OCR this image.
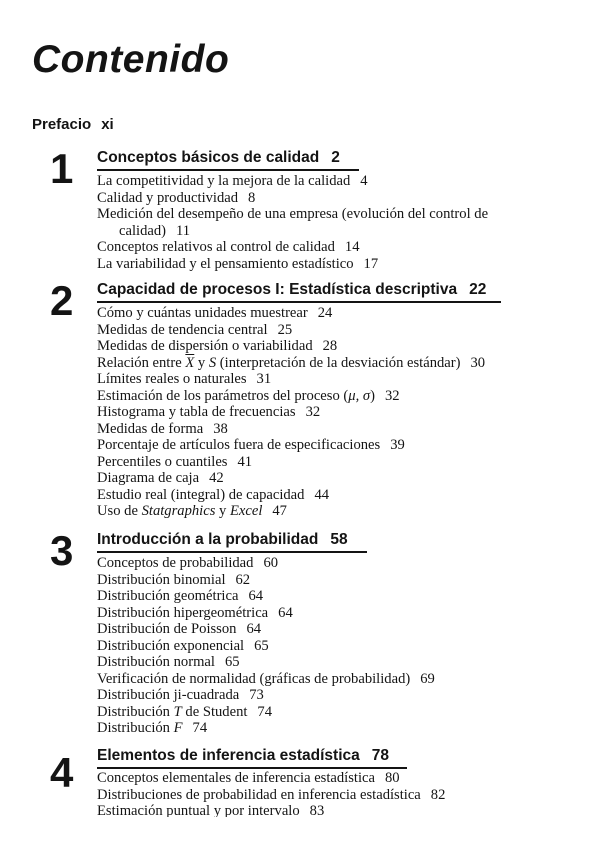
Contenido
Prefacio xi
1 Conceptos básicos de calidad 2
La competitividad y la mejora de la calidad 4
Calidad y productividad 8
Medición del desempeño de una empresa (evolución del control de
calidad) 11
Conceptos relativos al control de calidad 14
La variabilidad y el pensamiento estadístico 17
2 Capacidad de procesos I: Estadística descriptiva 22
Cómo y cuántas unidades muestrear 24
Medidas de tendencia central 25
Medidas de dispersión o variabilidad 28
Relación entre $\overline{X}$ y S (interpretación de la desviación estándar) 30
Límites reales o naturales 31
Estimación de los parámetros del proceso (μ, σ) 32
Histograma y tabla de frecuencias 32
Medidas de forma 38
Porcentaje de artículos fuera de especificaciones 39
Percentiles o cuantiles 41
Diagrama de caja 42
Estudio real (integral) de capacidad 44
Uso de Statgraphics y Excel 47
3 Introducción a la probabilidad 58
Conceptos de probabilidad 60
Distribución binomial 62
Distribución geométrica 64
Distribución hipergeométrica 64
Distribución de Poisson 64
Distribución exponencial 65
Distribución normal 65
Verificación de normalidad (gráficas de probabilidad) 69
Distribución ji-cuadrada 73
Distribución T de Student 74
Distribución F 74
4 Elementos de inferencia estadística 78
Conceptos elementales de inferencia estadística 80
Distribuciones de probabilidad en inferencia estadística 82
Estimación puntual y por intervalo 83
